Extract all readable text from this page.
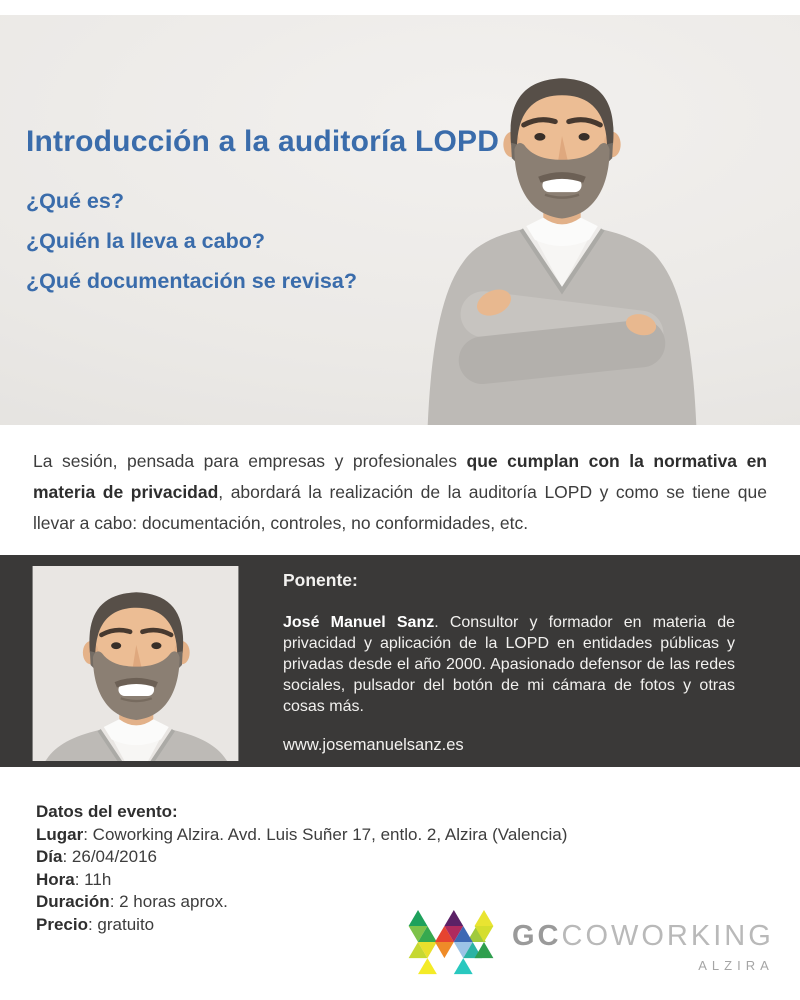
Introducción a la auditoría LOPD
¿Qué es?
¿Quién la lleva a cabo?
¿Qué documentación se revisa?

La sesión, pensada para empresas y profesionales que cumplan con la normativa en materia de privacidad, abordará la realización de la auditoría LOPD y como se tiene que llevar a cabo: documentación, controles, no conformidades, etc.

Ponente:

José Manuel Sanz. Consultor y formador en materia de privacidad y aplicación de la LOPD en entidades públicas y privadas desde el año 2000. Apasionado defensor de las redes sociales, pulsador del botón de mi cámara de fotos y otras cosas más.

www.josemanuelsanz.es
Datos del evento:
Lugar: Coworking Alzira. Avd. Luis Suñer 17, entlo. 2, Alzira (Valencia)
Día: 26/04/2016
Hora: 11h
Duración: 2 horas aprox.
Precio: gratuito	GCCOWORKING
ALZIRA
